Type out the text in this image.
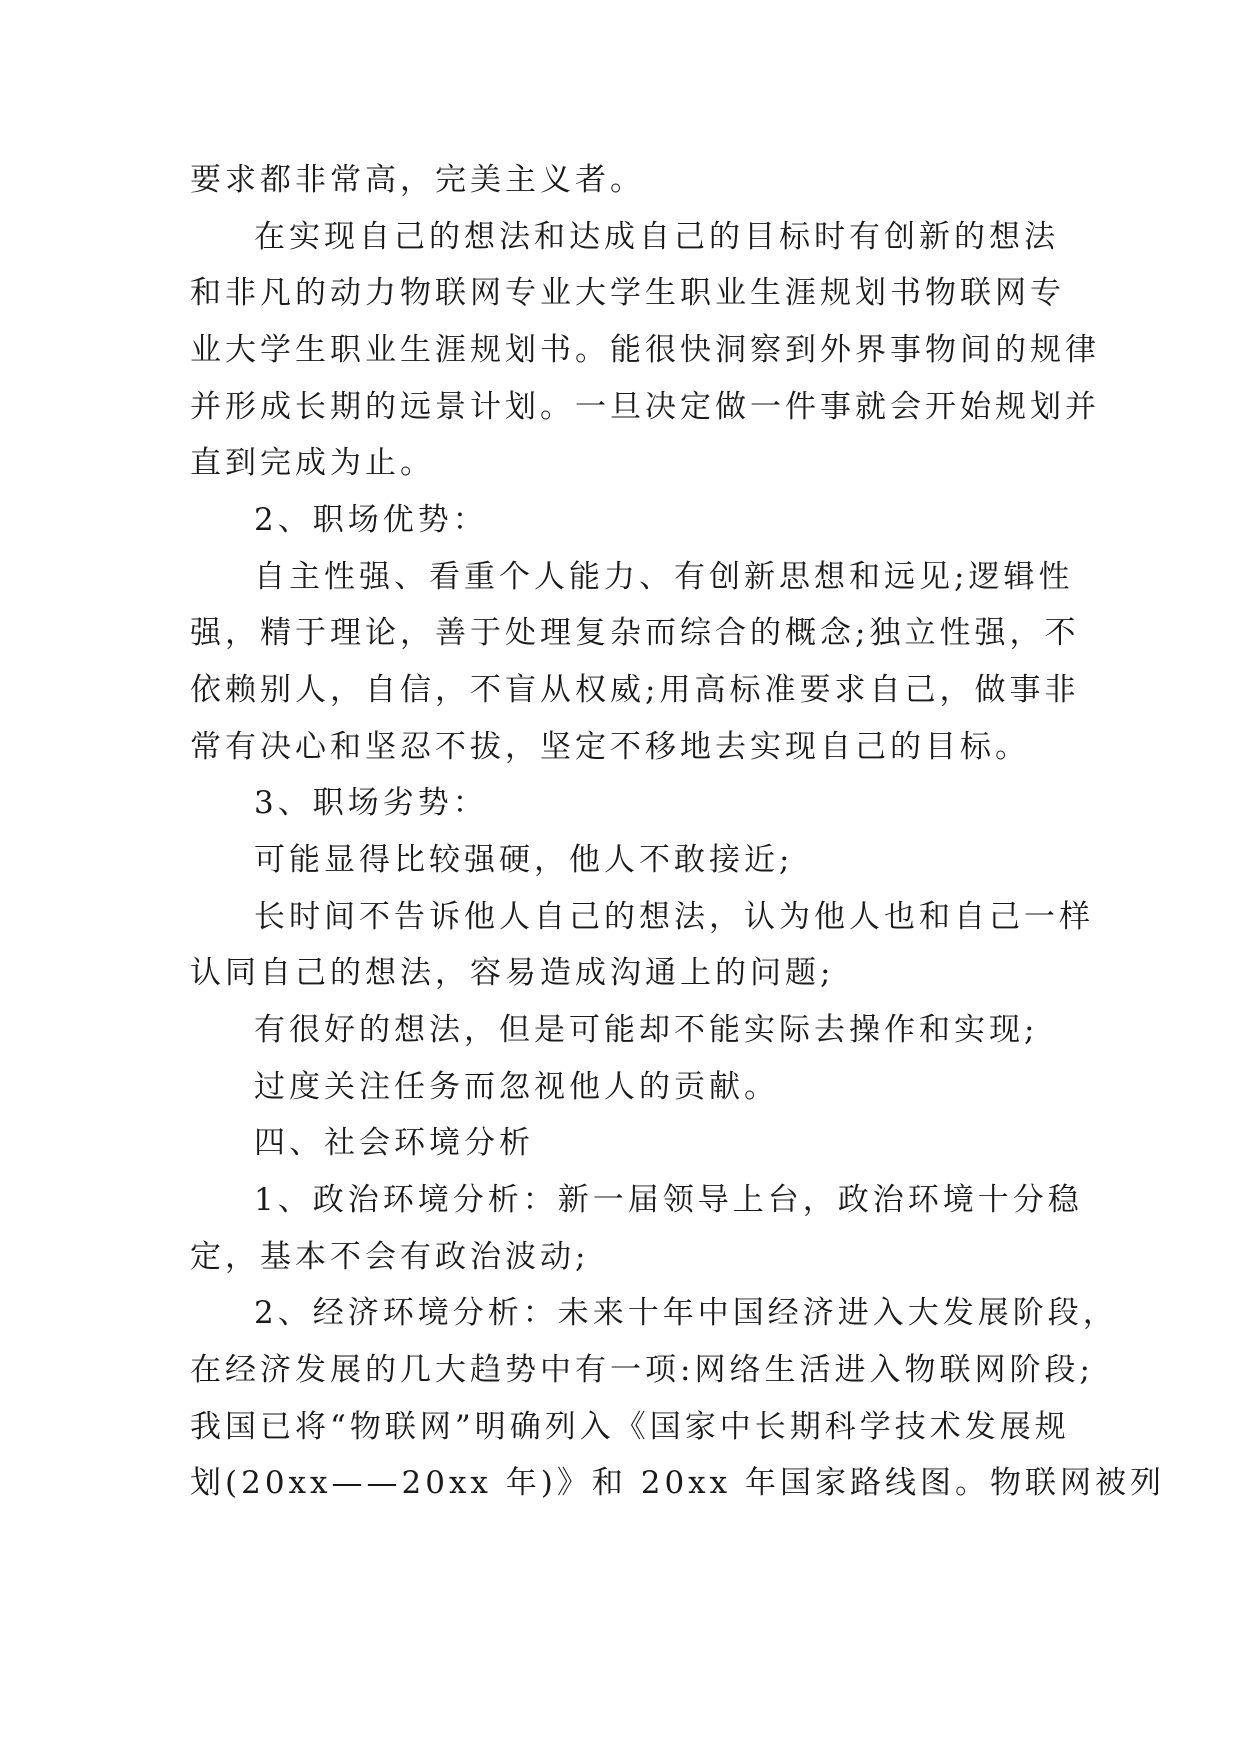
要求都非常高，完美主义者。
在实现自己的想法和达成自己的目标时有创新的想法
和非凡的动力物联网专业大学生职业生涯规划书物联网专
业大学生职业生涯规划书。能很快洞察到外界事物间的规律
并形成长期的远景计划。一旦决定做一件事就会开始规划并
直到完成为止。
2、职场优势：
自主性强、看重个人能力、有创新思想和远见;逻辑性
强，精于理论，善于处理复杂而综合的概念;独立性强，不
依赖别人，自信，不盲从权威;用高标准要求自己，做事非
常有决心和坚忍不拔，坚定不移地去实现自己的目标。
3、职场劣势：
可能显得比较强硬，他人不敢接近;
长时间不告诉他人自己的想法，认为他人也和自己一样
认同自己的想法，容易造成沟通上的问题;
有很好的想法，但是可能却不能实际去操作和实现;
过度关注任务而忽视他人的贡献。
四、社会环境分析
1、政治环境分析：新一届领导上台，政治环境十分稳
定，基本不会有政治波动;
2、经济环境分析：未来十年中国经济进入大发展阶段，
在经济发展的几大趋势中有一项:网络生活进入物联网阶段;
我国已将“物联网”明确列入《国家中长期科学技术发展规
划(20xx——20xx 年)》和 20xx 年国家路线图。物联网被列
